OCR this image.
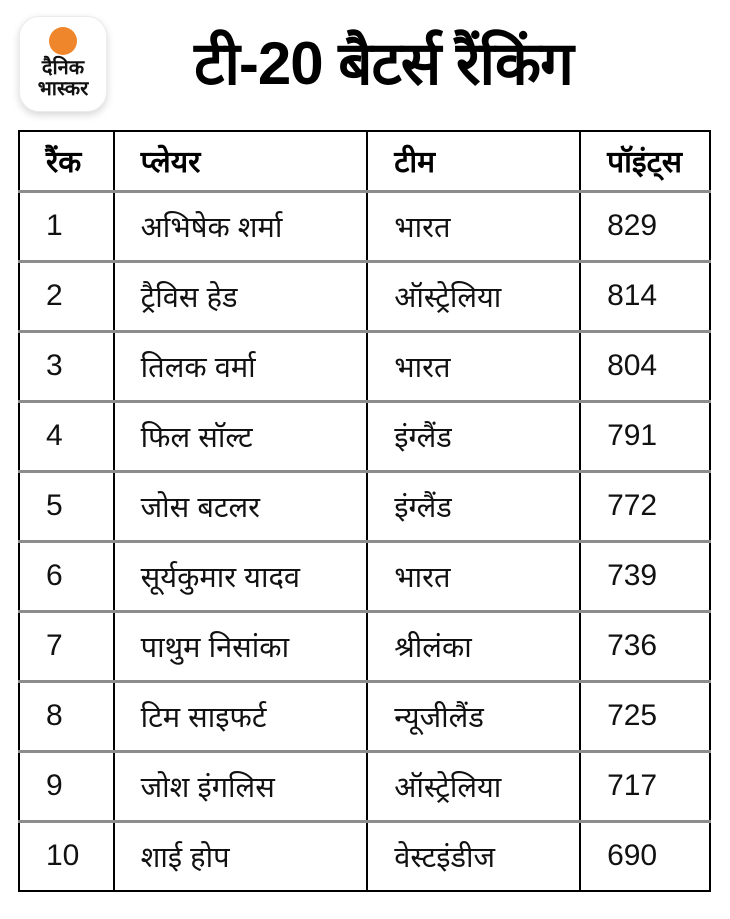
दैनिक
भास्कर	टी-20 बैटर्स रैंकिंग
रैंक	प्लेयर	टीम	पॉइंट्स
1	अभिषेक शर्मा	भारत	829
2	ट्रैविस हेड	ऑस्ट्रेलिया	814
3	तिलक वर्मा	भारत	804
4	फिल सॉल्ट	इंग्लैंड	791
5	जोस बटलर	इंग्लैंड	772
6	सूर्यकुमार यादव	भारत	739
7	पाथुम निसांका	श्रीलंका	736
8	टिम साइफर्ट	न्यूजीलैंड	725
9	जोश इंगलिस	ऑस्ट्रेलिया	717
10	शाई होप	वेस्टइंडीज	690
